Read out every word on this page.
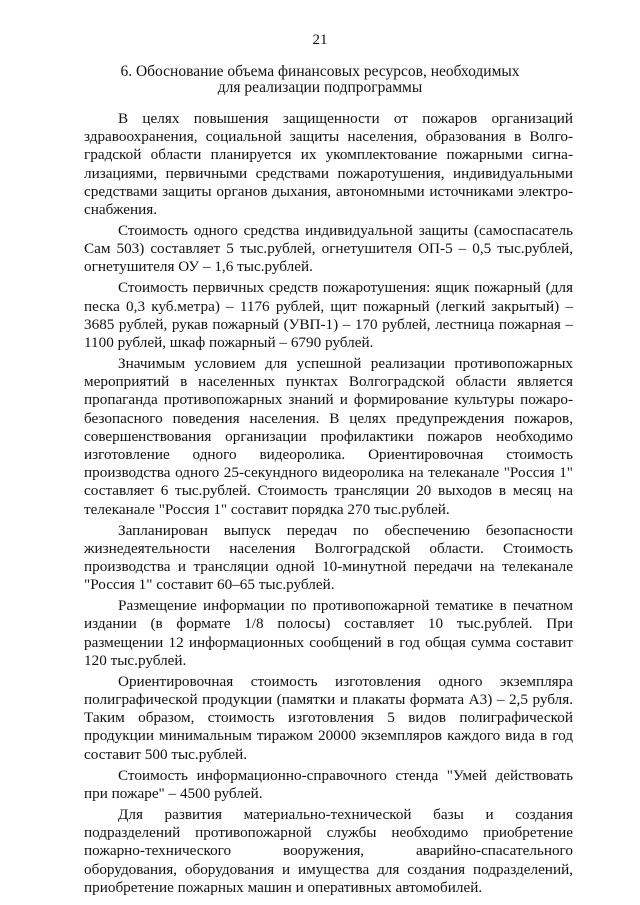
21
6. Обоснование объема финансовых ресурсов, необходимых
для реализации подпрограммы

В целях повышения защищенности от пожаров организаций здравоохранения, социальной защиты населения, образования в Волгоградской области планируется их укомплектование пожарными сигнализациями, первичными средствами пожаротушения, индивидуальными средствами защиты органов дыхания, автономными источниками электроснабжения.

Стоимость одного средства индивидуальной защиты (самоспасатель Сам 503) составляет 5 тыс.рублей, огнетушителя ОП-5 – 0,5 тыс.рублей, огнетушителя ОУ – 1,6 тыс.рублей.

Стоимость первичных средств пожаротушения: ящик пожарный (для песка 0,3 куб.метра) – 1176 рублей, щит пожарный (легкий закрытый) – 3685 рублей, рукав пожарный (УВП-1) – 170 рублей, лестница пожарная – 1100 рублей, шкаф пожарный – 6790 рублей.

Значимым условием для успешной реализации противопожарных мероприятий в населенных пунктах Волгоградской области является пропаганда противопожарных знаний и формирование культуры пожаробезопасного поведения населения. В целях предупреждения пожаров, совершенствования организации профилактики пожаров необходимо изготовление одного видеоролика. Ориентировочная стоимость производства одного 25-секундного видеоролика на телеканале "Россия 1" составляет 6 тыс.рублей. Стоимость трансляции 20 выходов в месяц на телеканале "Россия 1" составит порядка 270 тыс.рублей.

Запланирован выпуск передач по обеспечению безопасности жизнедеятельности населения Волгоградской области. Стоимость производства и трансляции одной 10-минутной передачи на телеканале "Россия 1" составит 60–65 тыс.рублей.

Размещение информации по противопожарной тематике в печатном издании (в формате 1/8 полосы) составляет 10 тыс.рублей. При размещении 12 информационных сообщений в год общая сумма составит 120 тыс.рублей.

Ориентировочная стоимость изготовления одного экземпляра полиграфической продукции (памятки и плакаты формата А3) – 2,5 рубля. Таким образом, стоимость изготовления 5 видов полиграфической продукции минимальным тиражом 20000 экземпляров каждого вида в год составит 500 тыс.рублей.

Стоимость информационно-справочного стенда "Умей действовать при пожаре" – 4500 рублей.

Для развития материально-технической базы и создания подразделений противопожарной службы необходимо приобретение пожарно-технического вооружения, аварийно-спасательного оборудования, оборудования и имущества для создания подразделений, приобретение пожарных машин и оперативных автомобилей.
